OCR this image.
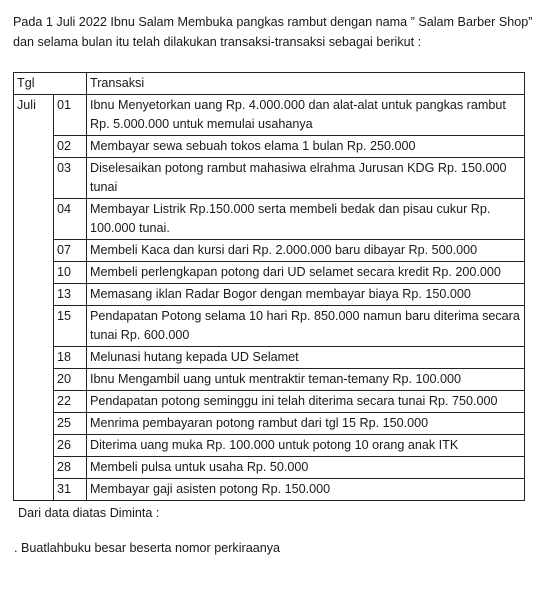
Pada 1 Juli 2022 Ibnu Salam Membuka pangkas rambut dengan nama ” Salam Barber Shop” dan selama bulan itu telah dilakukan transaksi-transaksi sebagai berikut :
Tgl		Transaksi
Juli	01	Ibnu Menyetorkan uang Rp. 4.000.000 dan alat-alat untuk pangkas rambut Rp. 5.000.000 untuk memulai usahanya

	02	Membayar sewa sebuah tokos elama 1 bulan Rp. 250.000

	03	Diselesaikan potong rambut mahasiwa elrahma Jurusan KDG Rp. 150.000 tunai

	04	Membayar Listrik Rp.150.000 serta membeli bedak dan pisau cukur Rp. 100.000 tunai.

	07	Membeli Kaca dan kursi dari Rp. 2.000.000 baru dibayar Rp. 500.000

	10	Membeli perlengkapan potong dari UD selamet secara kredit Rp. 200.000

	13	Memasang iklan Radar Bogor dengan membayar biaya Rp. 150.000

	15	Pendapatan Potong selama 10 hari Rp. 850.000 namun baru diterima secara tunai Rp. 600.000

	18	Melunasi hutang kepada UD Selamet

	20	Ibnu Mengambil uang untuk mentraktir teman-temany Rp. 100.000

	22	Pendapatan potong seminggu ini telah diterima secara tunai Rp. 750.000

	25	Menrima pembayaran potong rambut dari tgl 15 Rp. 150.000

	26	Diterima uang muka Rp. 100.000 untuk potong 10 orang anak ITK

	28	Membeli pulsa untuk usaha Rp. 50.000

	31	Membayar gaji asisten potong Rp. 150.000
Dari data diatas Diminta :
. Buatlahbuku besar beserta nomor perkiraanya
